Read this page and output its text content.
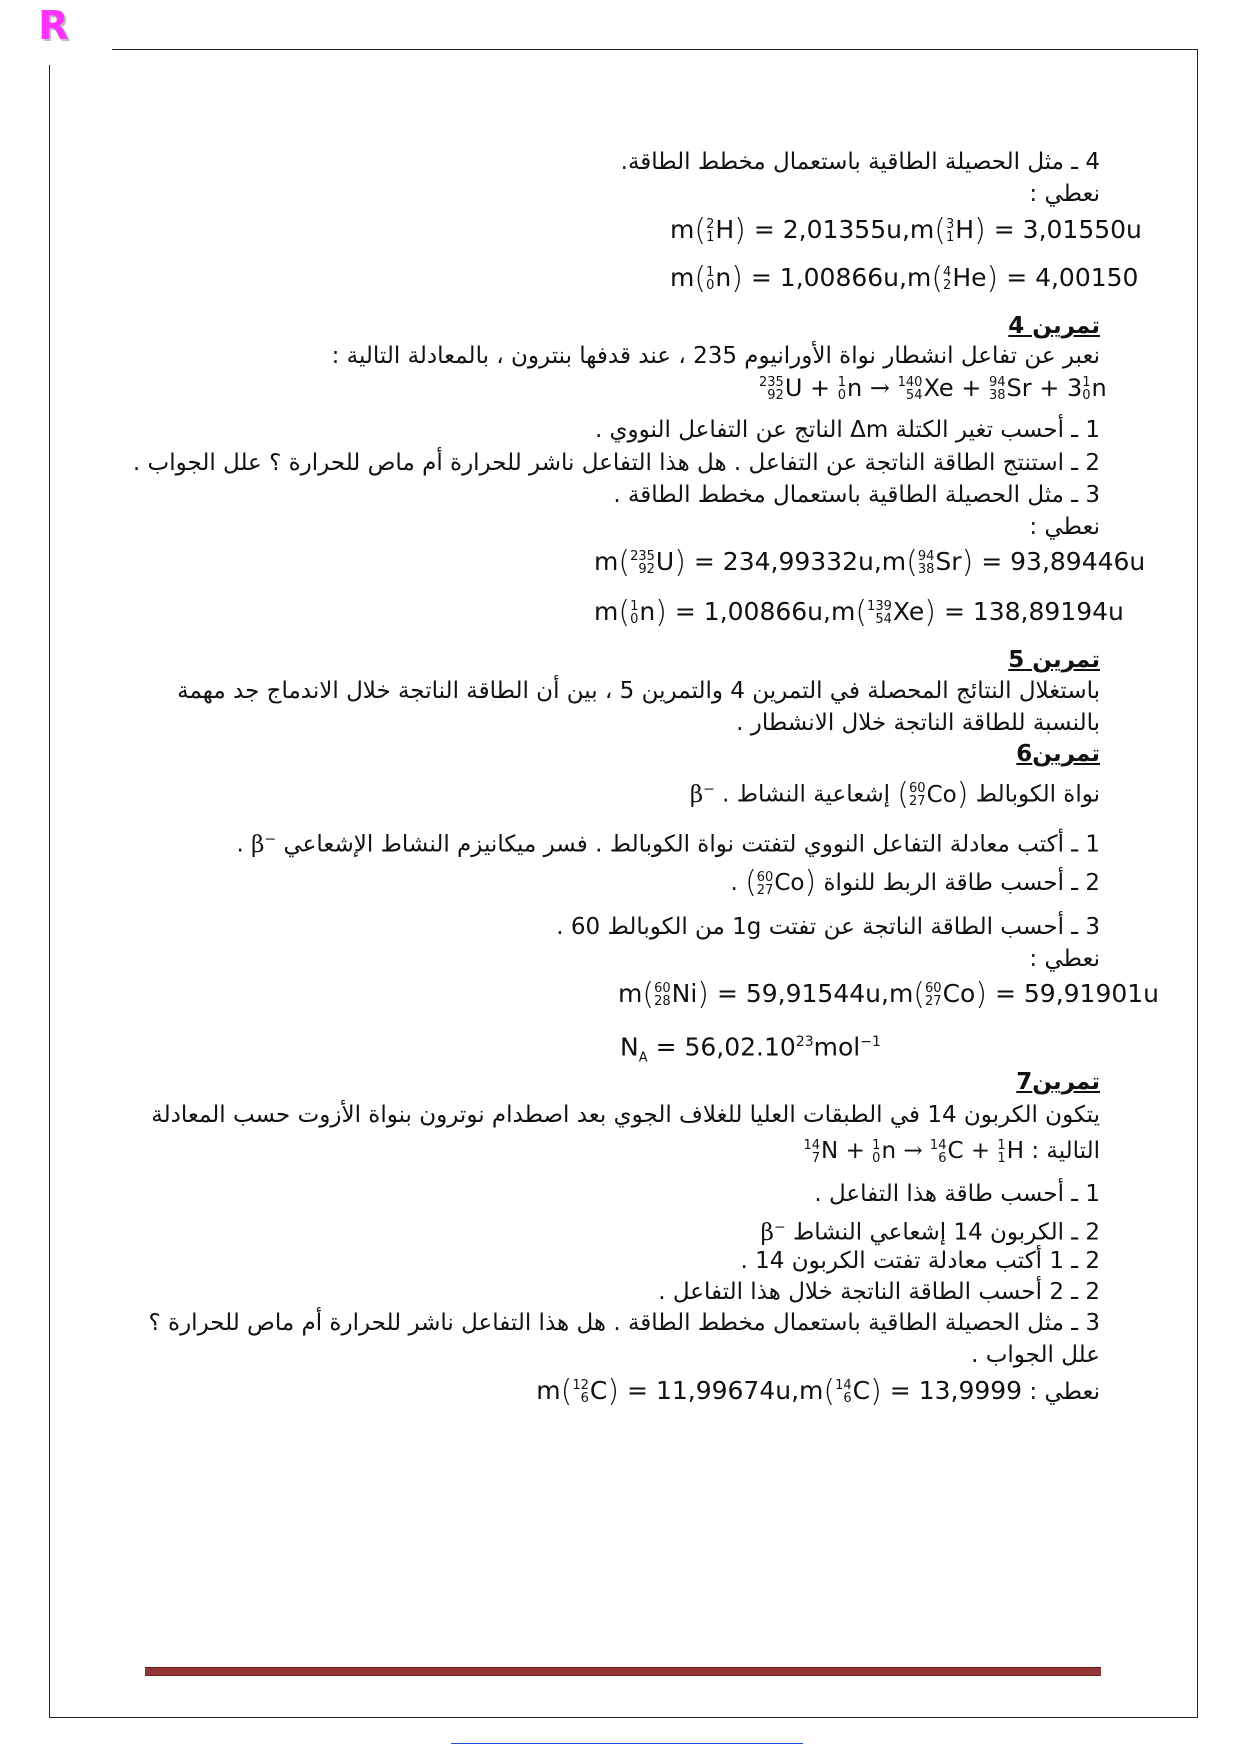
R
4 ـ مثل الحصيلة الطاقية باستعمال مخطط الطاقة.
نعطي :
m( 2
1 H) = 2,01355u,m( 3
1 H) = 3,01550u
m( 1
0 n) = 1,00866u,m( 4
2 He) = 4,00150
تمرين 4
نعبر عن تفاعل انشطار نواة الأورانيوم 235 ، عند قدفها بنترون ، بالمعادلة التالية :
235
92 U + 1
0 n → 140
54 Xe + 94
38 Sr + 3 1
0 n
1 ـ أحسب تغير الكتلة Δm الناتج عن التفاعل النووي .
2 ـ استنتج الطاقة الناتجة عن التفاعل . هل هذا التفاعل ناشر للحرارة أم ماص للحرارة ؟ علل الجواب .
3 ـ مثل الحصيلة الطاقية باستعمال مخطط الطاقة .
نعطي :
m( 235
92 U) = 234,99332u,m( 94
38 Sr) = 93,89446u
m( 1
0 n) = 1,00866u,m( 139
54 Xe) = 138,89194u
تمرين 5
باستغلال النتائج المحصلة في التمرين 4 والتمرين 5 ، بين أن الطاقة الناتجة خلال الاندماج جد مهمة
بالنسبة للطاقة الناتجة خلال الانشطار .
تمرين6
نواة الكوبالط ( 60
27 Co) إشعاعية النشاط . β−
1 ـ أكتب معادلة التفاعل النووي لتفتت نواة الكوبالط . فسر ميكانيزم النشاط الإشعاعي β− .
2 ـ أحسب طاقة الربط للنواة ( 60
27 Co) .
3 ـ أحسب الطاقة الناتجة عن تفتت 1g من الكوبالط 60 .
نعطي :
m( 60
28 Ni) = 59,91544u,m( 60
27 Co) = 59,91901u
$N_A = 56,02.10^{23}mol^{-1}$
تمرين7
يتكون الكربون 14 في الطبقات العليا للغلاف الجوي بعد اصطدام نوترون بنواة الأزوت حسب المعادلة
التالية :
14
7 N + 1
0 n → 14
6 C + 1
1 H
1 ـ أحسب طاقة هذا التفاعل .
2 ـ الكربون 14 إشعاعي النشاط β−
2 ـ 1 أكتب معادلة تفتت الكربون 14 .
2 ـ 2 أحسب الطاقة الناتجة خلال هذا التفاعل .
3 ـ مثل الحصيلة الطاقية باستعمال مخطط الطاقة . هل هذا التفاعل ناشر للحرارة أم ماص للحرارة ؟
علل الجواب .
نعطي : m( 12
6 C) = 11,99674u,m( 14
6 C) = 13,9999
